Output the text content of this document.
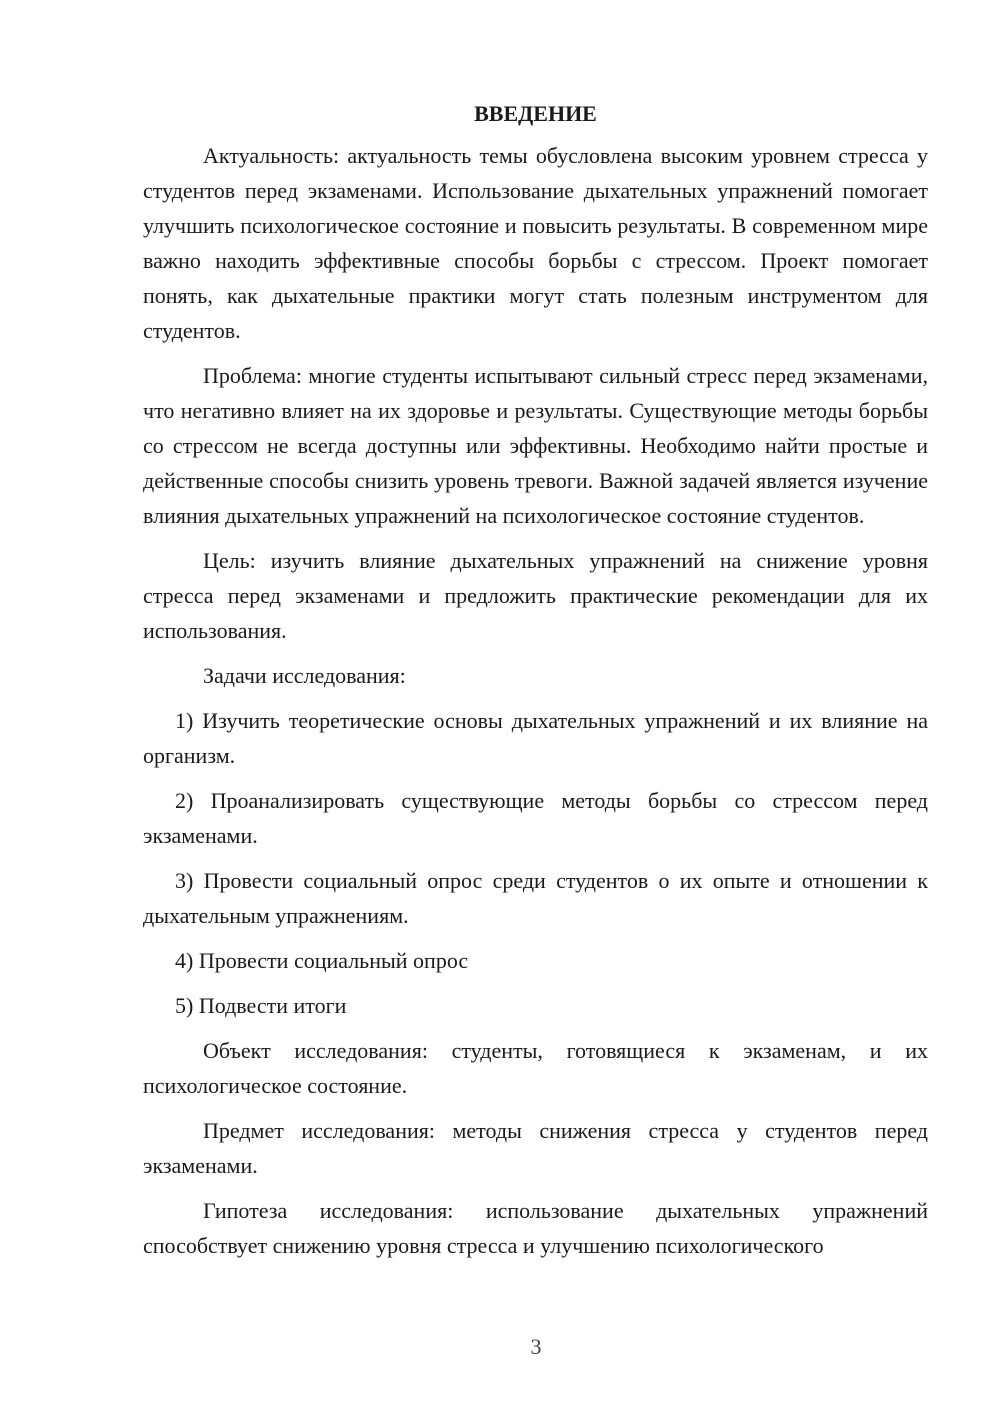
ВВЕДЕНИЕ

Актуальность: актуальность темы обусловлена высоким уровнем стресса у студентов перед экзаменами. Использование дыхательных упражнений помогает улучшить психологическое состояние и повысить результаты. В современном мире важно находить эффективные способы борьбы с стрессом. Проект помогает понять, как дыхательные практики могут стать полезным инструментом для студентов.

Проблема: многие студенты испытывают сильный стресс перед экзаменами, что негативно влияет на их здоровье и результаты. Существующие методы борьбы со стрессом не всегда доступны или эффективны. Необходимо найти простые и действенные способы снизить уровень тревоги. Важной задачей является изучение влияния дыхательных упражнений на психологическое состояние студентов.

Цель: изучить влияние дыхательных упражнений на снижение уровня стресса перед экзаменами и предложить практические рекомендации для их использования.

Задачи исследования:

1) Изучить теоретические основы дыхательных упражнений и их влияние на организм.

2) Проанализировать существующие методы борьбы со стрессом перед экзаменами.

3) Провести социальный опрос среди студентов о их опыте и отношении к дыхательным упражнениям.

4) Провести социальный опрос

5) Подвести итоги

Объект исследования: студенты, готовящиеся к экзаменам, и их психологическое состояние.

Предмет исследования: методы снижения стресса у студентов перед экзаменами.

Гипотеза исследования: использование дыхательных упражнений способствует снижению уровня стресса и улучшению психологического

3
